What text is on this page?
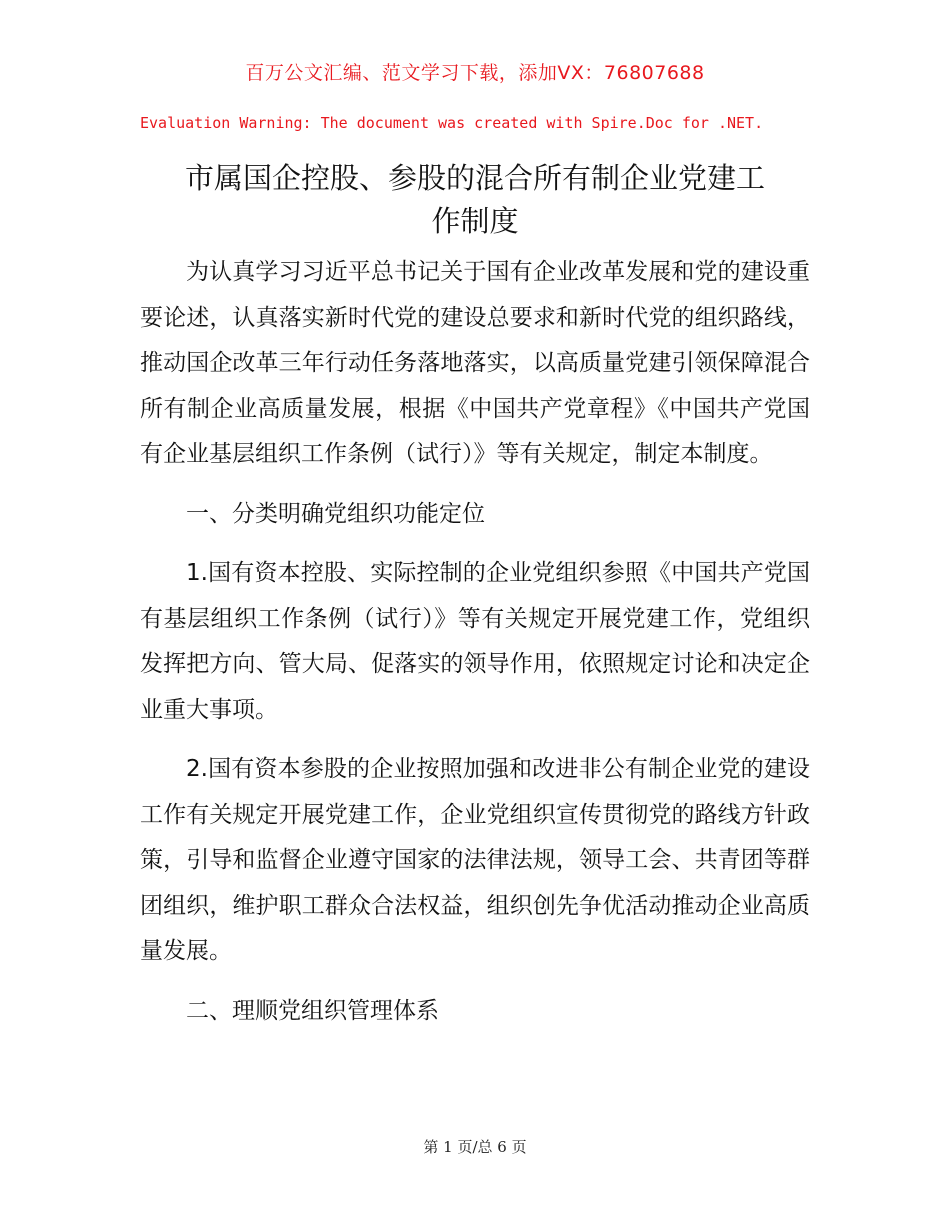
百万公文汇编、范文学习下载，添加VX：76807688
Evaluation Warning: The document was created with Spire.Doc for .NET.
市属国企控股、参股的混合所有制企业党建工
作制度

为认真学习习近平总书记关于国有企业改革发展和党的建设重要论述，认真落实新时代党的建设总要求和新时代党的组织路线，推动国企改革三年行动任务落地落实，以高质量党建引领保障混合所有制企业高质量发展，根据《中国共产党章程》《中国共产党国有企业基层组织工作条例（试行）》等有关规定，制定本制度。

一、分类明确党组织功能定位

1.国有资本控股、实际控制的企业党组织参照《中国共产党国有基层组织工作条例（试行）》等有关规定开展党建工作，党组织发挥把方向、管大局、促落实的领导作用，依照规定讨论和决定企业重大事项。

2.国有资本参股的企业按照加强和改进非公有制企业党的建设工作有关规定开展党建工作，企业党组织宣传贯彻党的路线方针政策，引导和监督企业遵守国家的法律法规，领导工会、共青团等群团组织，维护职工群众合法权益，组织创先争优活动推动企业高质量发展。

二、理顺党组织管理体系

第 1 页/总 6 页
